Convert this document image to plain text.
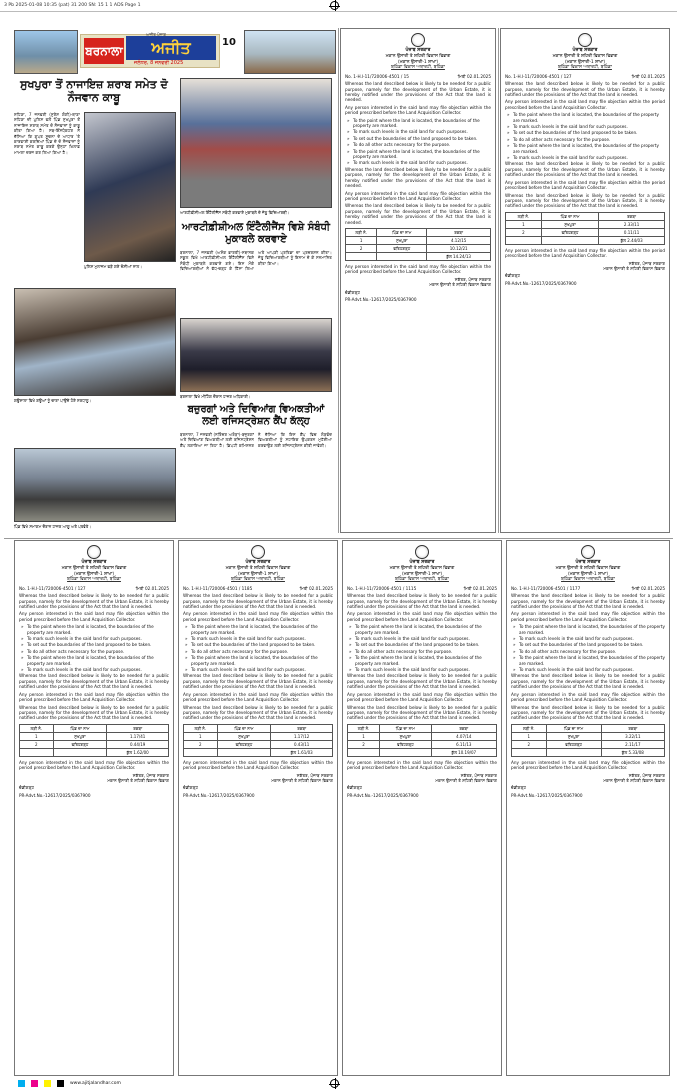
3 Pb 2025-01-08 10:35 (pat) 31 200 SN: 15 1 1 ADS Page 1
ਬਰਨਾਲਾ	ਅਜੀਤ
ਅਜੀਤ ਪੰਜਾਬ
ਜਲੰਧਰ, 8 ਜਨਵਰੀ 2025
10
ਸੁਖਪੁਰਾ ਤੋਂ ਨਾਜਾਇਜ਼ ਸ਼ਰਾਬ ਸਮੇਤ ਦੋ ਨੌਜਵਾਨ ਕਾਬੂ
ਸ਼ਹਿਣਾ, 7 ਜਨਵਰੀ (ਸੁਰੇਸ਼ ਗੋਗੀ)-ਥਾਣਾ ਸ਼ਹਿਣਾ ਦੀ ਪੁਲਿਸ ਵਲੋਂ ਪਿੰਡ ਸੁਖਪੁਰਾ ਤੋਂ ਨਾਜਾਇਜ਼ ਸ਼ਰਾਬ ਸਮੇਤ ਦੋ ਨੌਜਵਾਨਾਂ ਨੂੰ ਕਾਬੂ ਕੀਤਾ ਗਿਆ ਹੈ। ਸਬ-ਇੰਸਪੈਕਟਰ ਨੇ ਦੱਸਿਆ ਕਿ ਗੁਪਤ ਸੂਚਨਾ ਦੇ ਆਧਾਰ 'ਤੇ ਕਾਰਵਾਈ ਕਰਦਿਆਂ ਪਿੰਡ ਦੇ ਦੋ ਨੌਜਵਾਨਾਂ ਨੂੰ ਸ਼ਰਾਬ ਸਮੇਤ ਕਾਬੂ ਕਰਕੇ ਉਨ੍ਹਾਂ ਖ਼ਿਲਾਫ਼ ਮਾਮਲਾ ਦਰਜ ਕਰ ਲਿਆ ਗਿਆ ਹੈ।
ਪੁਲਿਸ ਮੁਲਾਜ਼ਮ ਫੜੇ ਗਏ ਦੋਸ਼ੀਆਂ ਨਾਲ।
ਆਰਟੀਫ਼ੀਸ਼ੀਅਲ ਇੰਟੈਲੀਜੈਂਸ ਸਬੰਧੀ ਕਰਵਾਏ ਮੁਕਾਬਲੇ ਦੇ ਜੇਤੂ ਵਿਦਿਆਰਥੀ।
ਆਰਟੀਫ਼ੀਸ਼ੀਅਲ ਇੰਟੈਲੀਜੈਂਸ ਵਿਸ਼ੇ ਸੰਬੰਧੀ ਮੁਕਾਬਲੇ ਕਰਵਾਏ
ਬਰਨਾਲਾ, 7 ਜਨਵਰੀ (ਅਸ਼ੋਕ ਭਾਰਤੀ)-ਸਥਾਨਕ ਸਕੂਲ ਵਿਖੇ ਆਰਟੀਫ਼ੀਸ਼ੀਅਲ ਇੰਟੈਲੀਜੈਂਸ ਵਿਸ਼ੇ ਸੰਬੰਧੀ ਮੁਕਾਬਲੇ ਕਰਵਾਏ ਗਏ। ਇਸ ਮੌਕੇ ਵਿਦਿਆਰਥੀਆਂ ਨੇ ਵੱਧ-ਚੜ੍ਹ ਕੇ ਹਿੱਸਾ ਲਿਆ ਅਤੇ ਆਪਣੀ ਪ੍ਰਤਿਭਾ ਦਾ ਪ੍ਰਦਰਸ਼ਨ ਕੀਤਾ। ਜੇਤੂ ਵਿਦਿਆਰਥੀਆਂ ਨੂੰ ਇਨਾਮ ਦੇ ਕੇ ਸਨਮਾਨਿਤ ਕੀਤਾ ਗਿਆ।
ਗਊਸ਼ਾਲਾ ਵਿਖੇ ਗਊਆਂ ਨੂੰ ਚਾਰਾ ਪਾਉਂਦੇ ਹੋਏ ਸ਼ਰਧਾਲੂ।
ਬਰਨਾਲਾ ਵਿਖੇ ਮੀਟਿੰਗ ਦੌਰਾਨ ਹਾਜ਼ਰ ਅਧਿਕਾਰੀ।
ਬਜ਼ੁਰਗਾਂ ਅਤੇ ਦਿਵਿਆਂਗ ਵਿਅਕਤੀਆਂ ਲਈ ਰਜਿਸਟ੍ਰੇਸ਼ਨ ਕੈਂਪ ਕੱਲ੍ਹ
ਬਰਨਾਲਾ, 7 ਜਨਵਰੀ (ਨਰਿੰਦਰ ਅਰੋੜਾ)-ਬਜ਼ੁਰਗਾਂ ਅਤੇ ਦਿਵਿਆਂਗ ਵਿਅਕਤੀਆਂ ਲਈ ਰਜਿਸਟ੍ਰੇਸ਼ਨ ਕੈਂਪ ਲਗਾਇਆ ਜਾ ਰਿਹਾ ਹੈ। ਡਿਪਟੀ ਕਮਿਸ਼ਨਰ ਨੇ ਦੱਸਿਆ ਕਿ ਇਸ ਕੈਂਪ ਵਿਚ ਲੋੜਵੰਦ ਵਿਅਕਤੀਆਂ ਨੂੰ ਸਹਾਇਕ ਉਪਕਰਨ ਮੁਹੱਈਆ ਕਰਵਾਉਣ ਲਈ ਰਜਿਸਟ੍ਰੇਸ਼ਨ ਕੀਤੀ ਜਾਵੇਗੀ।
ਪਿੰਡ ਵਿਖੇ ਸਮਾਗਮ ਦੌਰਾਨ ਹਾਜ਼ਰ ਆਗੂ ਅਤੇ ਪਤਵੰਤੇ।
ਪੰਜਾਬ ਸਰਕਾਰ
ਮਕਾਨ ਉਸਾਰੀ ਤੇ ਸ਼ਹਿਰੀ ਵਿਕਾਸ ਵਿਭਾਗ
(ਮਕਾਨ ਉਸਾਰੀ-1 ਸ਼ਾਖਾ)
ਬਠਿੰਡਾ ਵਿਕਾਸ ਅਥਾਰਟੀ, ਬਠਿੰਡਾ
No. 1-H.I-11/720006-4501 / 15	ਮਿਤੀ 02.01.2025
Whereas the land described below is likely to be needed for a public purpose, namely for the development of the Urban Estate, it is hereby notified under the provisions of the Act that the land is needed.
Any person interested in the said land may file objection within the period prescribed before the Land Acquisition Collector.
» To the point where the land is located, the boundaries of the property are marked.
» To mark such levels in the said land for such purposes.
» To set out the boundaries of the land proposed to be taken.
» To do all other acts necessary for the purpose.
» To the point where the land is located, the boundaries of the property are marked.
» To mark such levels in the said land for such purposes.
Whereas the land described below is likely to be needed for a public purpose, namely for the development of the Urban Estate, it is hereby notified under the provisions of the Act that the land is needed.
Any person interested in the said land may file objection within the period prescribed before the Land Acquisition Collector.
Whereas the land described below is likely to be needed for a public purpose, namely for the development of the Urban Estate, it is hereby notified under the provisions of the Act that the land is needed.
ਲੜੀ ਨੰ.	ਪਿੰਡ ਦਾ ਨਾਮ	ਰਕਬਾ
1	ਸੁਖਪੁਰਾ	4.12/15
2	ਫਤਿਹਗੜ੍ਹ	10.12/21
		ਕੁੱਲ 14.24/13
Any person interested in the said land may file objection within the period prescribed before the Land Acquisition Collector.
ਸਕੱਤਰ, ਪੰਜਾਬ ਸਰਕਾਰ
ਮਕਾਨ ਉਸਾਰੀ ਤੇ ਸ਼ਹਿਰੀ ਵਿਕਾਸ ਵਿਭਾਗ
ਚੰਡੀਗੜ੍ਹ
PR-Advt.No.-12617/2025/0367900
ਪੰਜਾਬ ਸਰਕਾਰ
ਮਕਾਨ ਉਸਾਰੀ ਤੇ ਸ਼ਹਿਰੀ ਵਿਕਾਸ ਵਿਭਾਗ
(ਮਕਾਨ ਉਸਾਰੀ-1 ਸ਼ਾਖਾ)
ਬਠਿੰਡਾ ਵਿਕਾਸ ਅਥਾਰਟੀ, ਬਠਿੰਡਾ
No. 1-H.I-11/720006-4501 / 127	ਮਿਤੀ 02.01.2025
Whereas the land described below is likely to be needed for a public purpose, namely for the development of the Urban Estate, it is hereby notified under the provisions of the Act that the land is needed.
Any person interested in the said land may file objection within the period prescribed before the Land Acquisition Collector.
» To the point where the land is located, the boundaries of the property are marked.
» To mark such levels in the said land for such purposes.
» To set out the boundaries of the land proposed to be taken.
» To do all other acts necessary for the purpose.
» To the point where the land is located, the boundaries of the property are marked.
» To mark such levels in the said land for such purposes.
Whereas the land described below is likely to be needed for a public purpose, namely for the development of the Urban Estate, it is hereby notified under the provisions of the Act that the land is needed.
Any person interested in the said land may file objection within the period prescribed before the Land Acquisition Collector.
Whereas the land described below is likely to be needed for a public purpose, namely for the development of the Urban Estate, it is hereby notified under the provisions of the Act that the land is needed.
ਲੜੀ ਨੰ.	ਪਿੰਡ ਦਾ ਨਾਮ	ਰਕਬਾ
1	ਸੁਖਪੁਰਾ	2.33/11
2	ਫਤਿਹਗੜ੍ਹ	0.11/11
		ਕੁੱਲ 2.44/03
Any person interested in the said land may file objection within the period prescribed before the Land Acquisition Collector.
ਸਕੱਤਰ, ਪੰਜਾਬ ਸਰਕਾਰ
ਮਕਾਨ ਉਸਾਰੀ ਤੇ ਸ਼ਹਿਰੀ ਵਿਕਾਸ ਵਿਭਾਗ
ਚੰਡੀਗੜ੍ਹ
PR-Advt.No.-12617/2025/0367900
ਪੰਜਾਬ ਸਰਕਾਰ
ਮਕਾਨ ਉਸਾਰੀ ਤੇ ਸ਼ਹਿਰੀ ਵਿਕਾਸ ਵਿਭਾਗ
(ਮਕਾਨ ਉਸਾਰੀ-1 ਸ਼ਾਖਾ)
ਬਠਿੰਡਾ ਵਿਕਾਸ ਅਥਾਰਟੀ, ਬਠਿੰਡਾ
No. 1-H.I-11/720006-4501 / 127	ਮਿਤੀ 02.01.2025
Whereas the land described below is likely to be needed for a public purpose, namely for the development of the Urban Estate, it is hereby notified under the provisions of the Act that the land is needed.
Any person interested in the said land may file objection within the period prescribed before the Land Acquisition Collector.
» To the point where the land is located, the boundaries of the property are marked.
» To mark such levels in the said land for such purposes.
» To set out the boundaries of the land proposed to be taken.
» To do all other acts necessary for the purpose.
» To the point where the land is located, the boundaries of the property are marked.
» To mark such levels in the said land for such purposes.
Whereas the land described below is likely to be needed for a public purpose, namely for the development of the Urban Estate, it is hereby notified under the provisions of the Act that the land is needed.
Any person interested in the said land may file objection within the period prescribed before the Land Acquisition Collector.
Whereas the land described below is likely to be needed for a public purpose, namely for the development of the Urban Estate, it is hereby notified under the provisions of the Act that the land is needed.
ਲੜੀ ਨੰ.	ਪਿੰਡ ਦਾ ਨਾਮ	ਰਕਬਾ
1	ਸੁਖਪੁਰਾ	1.17/41
2	ਫਤਿਹਗੜ੍ਹ	0.44/19
		ਕੁੱਲ 1.62/00
Any person interested in the said land may file objection within the period prescribed before the Land Acquisition Collector.
ਸਕੱਤਰ, ਪੰਜਾਬ ਸਰਕਾਰ
ਮਕਾਨ ਉਸਾਰੀ ਤੇ ਸ਼ਹਿਰੀ ਵਿਕਾਸ ਵਿਭਾਗ
ਚੰਡੀਗੜ੍ਹ
PR-Advt.No.-12617/2025/0367900
ਪੰਜਾਬ ਸਰਕਾਰ
ਮਕਾਨ ਉਸਾਰੀ ਤੇ ਸ਼ਹਿਰੀ ਵਿਕਾਸ ਵਿਭਾਗ
(ਮਕਾਨ ਉਸਾਰੀ-1 ਸ਼ਾਖਾ)
ਬਠਿੰਡਾ ਵਿਕਾਸ ਅਥਾਰਟੀ, ਬਠਿੰਡਾ
No. 1-H.I-11/720006-4501 / 1185	ਮਿਤੀ 02.01.2025
Whereas the land described below is likely to be needed for a public purpose, namely for the development of the Urban Estate, it is hereby notified under the provisions of the Act that the land is needed.
Any person interested in the said land may file objection within the period prescribed before the Land Acquisition Collector.
» To the point where the land is located, the boundaries of the property are marked.
» To mark such levels in the said land for such purposes.
» To set out the boundaries of the land proposed to be taken.
» To do all other acts necessary for the purpose.
» To the point where the land is located, the boundaries of the property are marked.
» To mark such levels in the said land for such purposes.
Whereas the land described below is likely to be needed for a public purpose, namely for the development of the Urban Estate, it is hereby notified under the provisions of the Act that the land is needed.
Any person interested in the said land may file objection within the period prescribed before the Land Acquisition Collector.
Whereas the land described below is likely to be needed for a public purpose, namely for the development of the Urban Estate, it is hereby notified under the provisions of the Act that the land is needed.
ਲੜੀ ਨੰ.	ਪਿੰਡ ਦਾ ਨਾਮ	ਰਕਬਾ
1	ਸੁਖਪੁਰਾ	1.17/12
2	ਫਤਿਹਗੜ੍ਹ	0.43/11
		ਕੁੱਲ 1.61/03
Any person interested in the said land may file objection within the period prescribed before the Land Acquisition Collector.
ਸਕੱਤਰ, ਪੰਜਾਬ ਸਰਕਾਰ
ਮਕਾਨ ਉਸਾਰੀ ਤੇ ਸ਼ਹਿਰੀ ਵਿਕਾਸ ਵਿਭਾਗ
ਚੰਡੀਗੜ੍ਹ
PR-Advt.No.-12617/2025/0367900
ਪੰਜਾਬ ਸਰਕਾਰ
ਮਕਾਨ ਉਸਾਰੀ ਤੇ ਸ਼ਹਿਰੀ ਵਿਕਾਸ ਵਿਭਾਗ
(ਮਕਾਨ ਉਸਾਰੀ-1 ਸ਼ਾਖਾ)
ਬਠਿੰਡਾ ਵਿਕਾਸ ਅਥਾਰਟੀ, ਬਠਿੰਡਾ
No. 1-H.I-11/720006-4501 / 1115	ਮਿਤੀ 02.01.2025
Whereas the land described below is likely to be needed for a public purpose, namely for the development of the Urban Estate, it is hereby notified under the provisions of the Act that the land is needed.
Any person interested in the said land may file objection within the period prescribed before the Land Acquisition Collector.
» To the point where the land is located, the boundaries of the property are marked.
» To mark such levels in the said land for such purposes.
» To set out the boundaries of the land proposed to be taken.
» To do all other acts necessary for the purpose.
» To the point where the land is located, the boundaries of the property are marked.
» To mark such levels in the said land for such purposes.
Whereas the land described below is likely to be needed for a public purpose, namely for the development of the Urban Estate, it is hereby notified under the provisions of the Act that the land is needed.
Any person interested in the said land may file objection within the period prescribed before the Land Acquisition Collector.
Whereas the land described below is likely to be needed for a public purpose, namely for the development of the Urban Estate, it is hereby notified under the provisions of the Act that the land is needed.
ਲੜੀ ਨੰ.	ਪਿੰਡ ਦਾ ਨਾਮ	ਰਕਬਾ
1	ਸੁਖਪੁਰਾ	4.07/14
2	ਫਤਿਹਗੜ੍ਹ	6.11/13
		ਕੁੱਲ 10.19/07
Any person interested in the said land may file objection within the period prescribed before the Land Acquisition Collector.
ਸਕੱਤਰ, ਪੰਜਾਬ ਸਰਕਾਰ
ਮਕਾਨ ਉਸਾਰੀ ਤੇ ਸ਼ਹਿਰੀ ਵਿਕਾਸ ਵਿਭਾਗ
ਚੰਡੀਗੜ੍ਹ
PR-Advt.No.-12617/2025/0367900
ਪੰਜਾਬ ਸਰਕਾਰ
ਮਕਾਨ ਉਸਾਰੀ ਤੇ ਸ਼ਹਿਰੀ ਵਿਕਾਸ ਵਿਭਾਗ
(ਮਕਾਨ ਉਸਾਰੀ-1 ਸ਼ਾਖਾ)
ਬਠਿੰਡਾ ਵਿਕਾਸ ਅਥਾਰਟੀ, ਬਠਿੰਡਾ
No. 1-H.I-11/720006-4501 / 1177	ਮਿਤੀ 02.01.2025
Whereas the land described below is likely to be needed for a public purpose, namely for the development of the Urban Estate, it is hereby notified under the provisions of the Act that the land is needed.
Any person interested in the said land may file objection within the period prescribed before the Land Acquisition Collector.
» To the point where the land is located, the boundaries of the property are marked.
» To mark such levels in the said land for such purposes.
» To set out the boundaries of the land proposed to be taken.
» To do all other acts necessary for the purpose.
» To the point where the land is located, the boundaries of the property are marked.
» To mark such levels in the said land for such purposes.
Whereas the land described below is likely to be needed for a public purpose, namely for the development of the Urban Estate, it is hereby notified under the provisions of the Act that the land is needed.
Any person interested in the said land may file objection within the period prescribed before the Land Acquisition Collector.
Whereas the land described below is likely to be needed for a public purpose, namely for the development of the Urban Estate, it is hereby notified under the provisions of the Act that the land is needed.
ਲੜੀ ਨੰ.	ਪਿੰਡ ਦਾ ਨਾਮ	ਰਕਬਾ
1	ਸੁਖਪੁਰਾ	3.22/11
2	ਫਤਿਹਗੜ੍ਹ	2.11/17
		ਕੁੱਲ 5.33/08
Any person interested in the said land may file objection within the period prescribed before the Land Acquisition Collector.
ਸਕੱਤਰ, ਪੰਜਾਬ ਸਰਕਾਰ
ਮਕਾਨ ਉਸਾਰੀ ਤੇ ਸ਼ਹਿਰੀ ਵਿਕਾਸ ਵਿਭਾਗ
ਚੰਡੀਗੜ੍ਹ
PR-Advt.No.-12617/2025/0367900
www.ajitjalandhar.com
